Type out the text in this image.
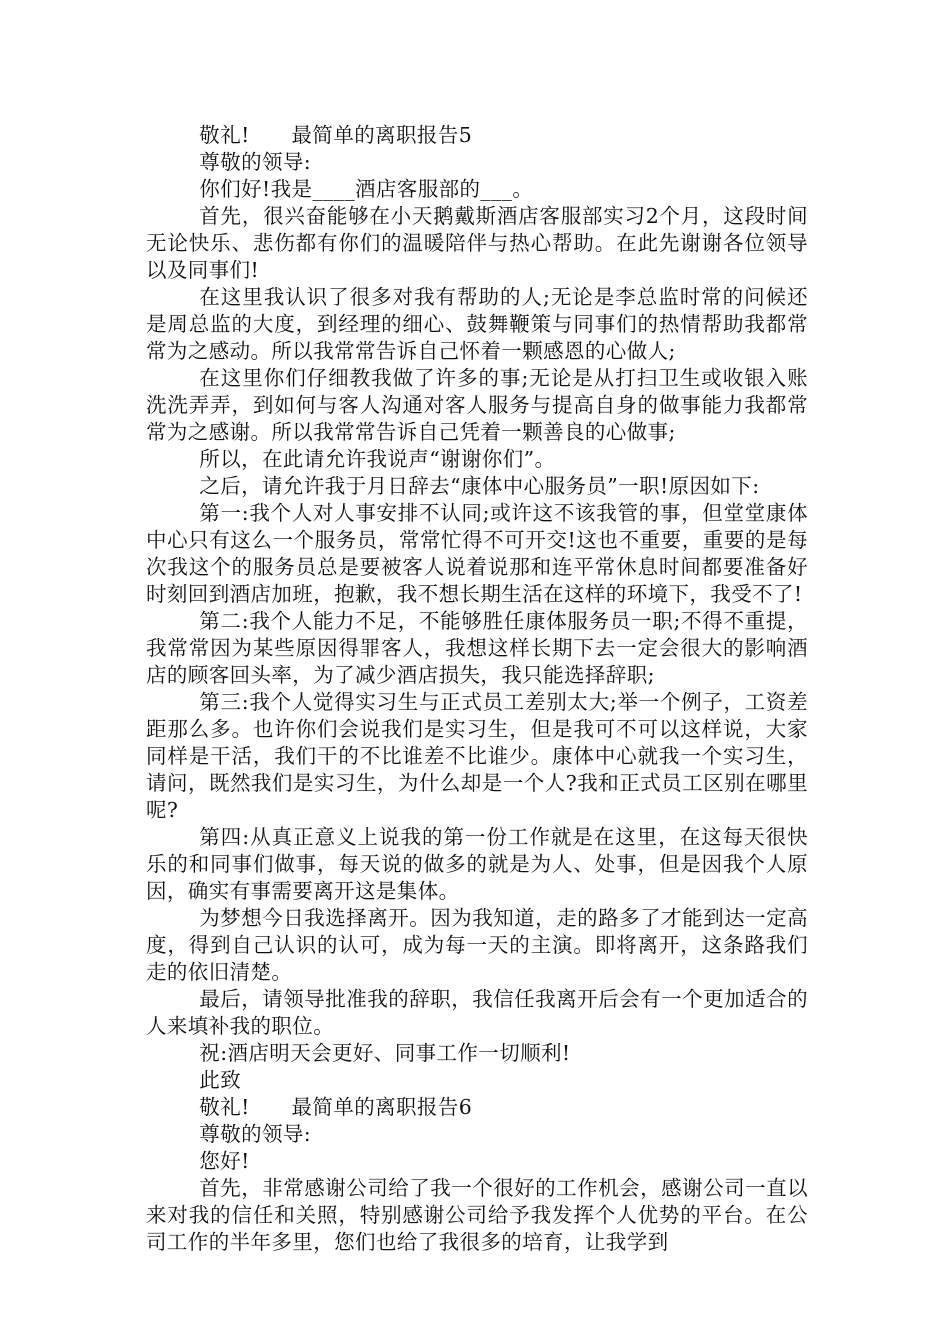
敬礼!　　最简单的离职报告5

尊敬的领导:

你们好!我是____酒店客服部的___。

首先，很兴奋能够在小天鹅戴斯酒店客服部实习2个月，这段时间无论快乐、悲伤都有你们的温暖陪伴与热心帮助。在此先谢谢各位领导以及同事们!

在这里我认识了很多对我有帮助的人;无论是李总监时常的问候还是周总监的大度，到经理的细心、鼓舞鞭策与同事们的热情帮助我都常常为之感动。所以我常常告诉自己怀着一颗感恩的心做人;

在这里你们仔细教我做了许多的事;无论是从打扫卫生或收银入账洗洗弄弄，到如何与客人沟通对客人服务与提高自身的做事能力我都常常为之感谢。所以我常常告诉自己凭着一颗善良的心做事;

所以，在此请允许我说声“谢谢你们”。

之后，请允许我于月日辞去“康体中心服务员”一职!原因如下:

第一:我个人对人事安排不认同;或许这不该我管的事，但堂堂康体中心只有这么一个服务员，常常忙得不可开交!这也不重要，重要的是每次我这个的服务员总是要被客人说着说那和连平常休息时间都要准备好时刻回到酒店加班，抱歉，我不想长期生活在这样的环境下，我受不了!

第二:我个人能力不足，不能够胜任康体服务员一职;不得不重提，我常常因为某些原因得罪客人，我想这样长期下去一定会很大的影响酒店的顾客回头率，为了减少酒店损失，我只能选择辞职;

第三:我个人觉得实习生与正式员工差别太大;举一个例子，工资差距那么多。也许你们会说我们是实习生，但是我可不可以这样说，大家同样是干活，我们干的不比谁差不比谁少。康体中心就我一个实习生，请问，既然我们是实习生，为什么却是一个人?我和正式员工区别在哪里呢?

第四:从真正意义上说我的第一份工作就是在这里，在这每天很快乐的和同事们做事，每天说的做多的就是为人、处事，但是因我个人原因，确实有事需要离开这是集体。

为梦想今日我选择离开。因为我知道，走的路多了才能到达一定高度，得到自己认识的认可，成为每一天的主演。即将离开，这条路我们走的依旧清楚。

最后，请领导批准我的辞职，我信任我离开后会有一个更加适合的人来填补我的职位。

祝:酒店明天会更好、同事工作一切顺利!

此致

敬礼!　　最简单的离职报告6

尊敬的领导:

您好!

首先，非常感谢公司给了我一个很好的工作机会，感谢公司一直以来对我的信任和关照，特别感谢公司给予我发挥个人优势的平台。在公司工作的半年多里，您们也给了我很多的培育，让我学到
